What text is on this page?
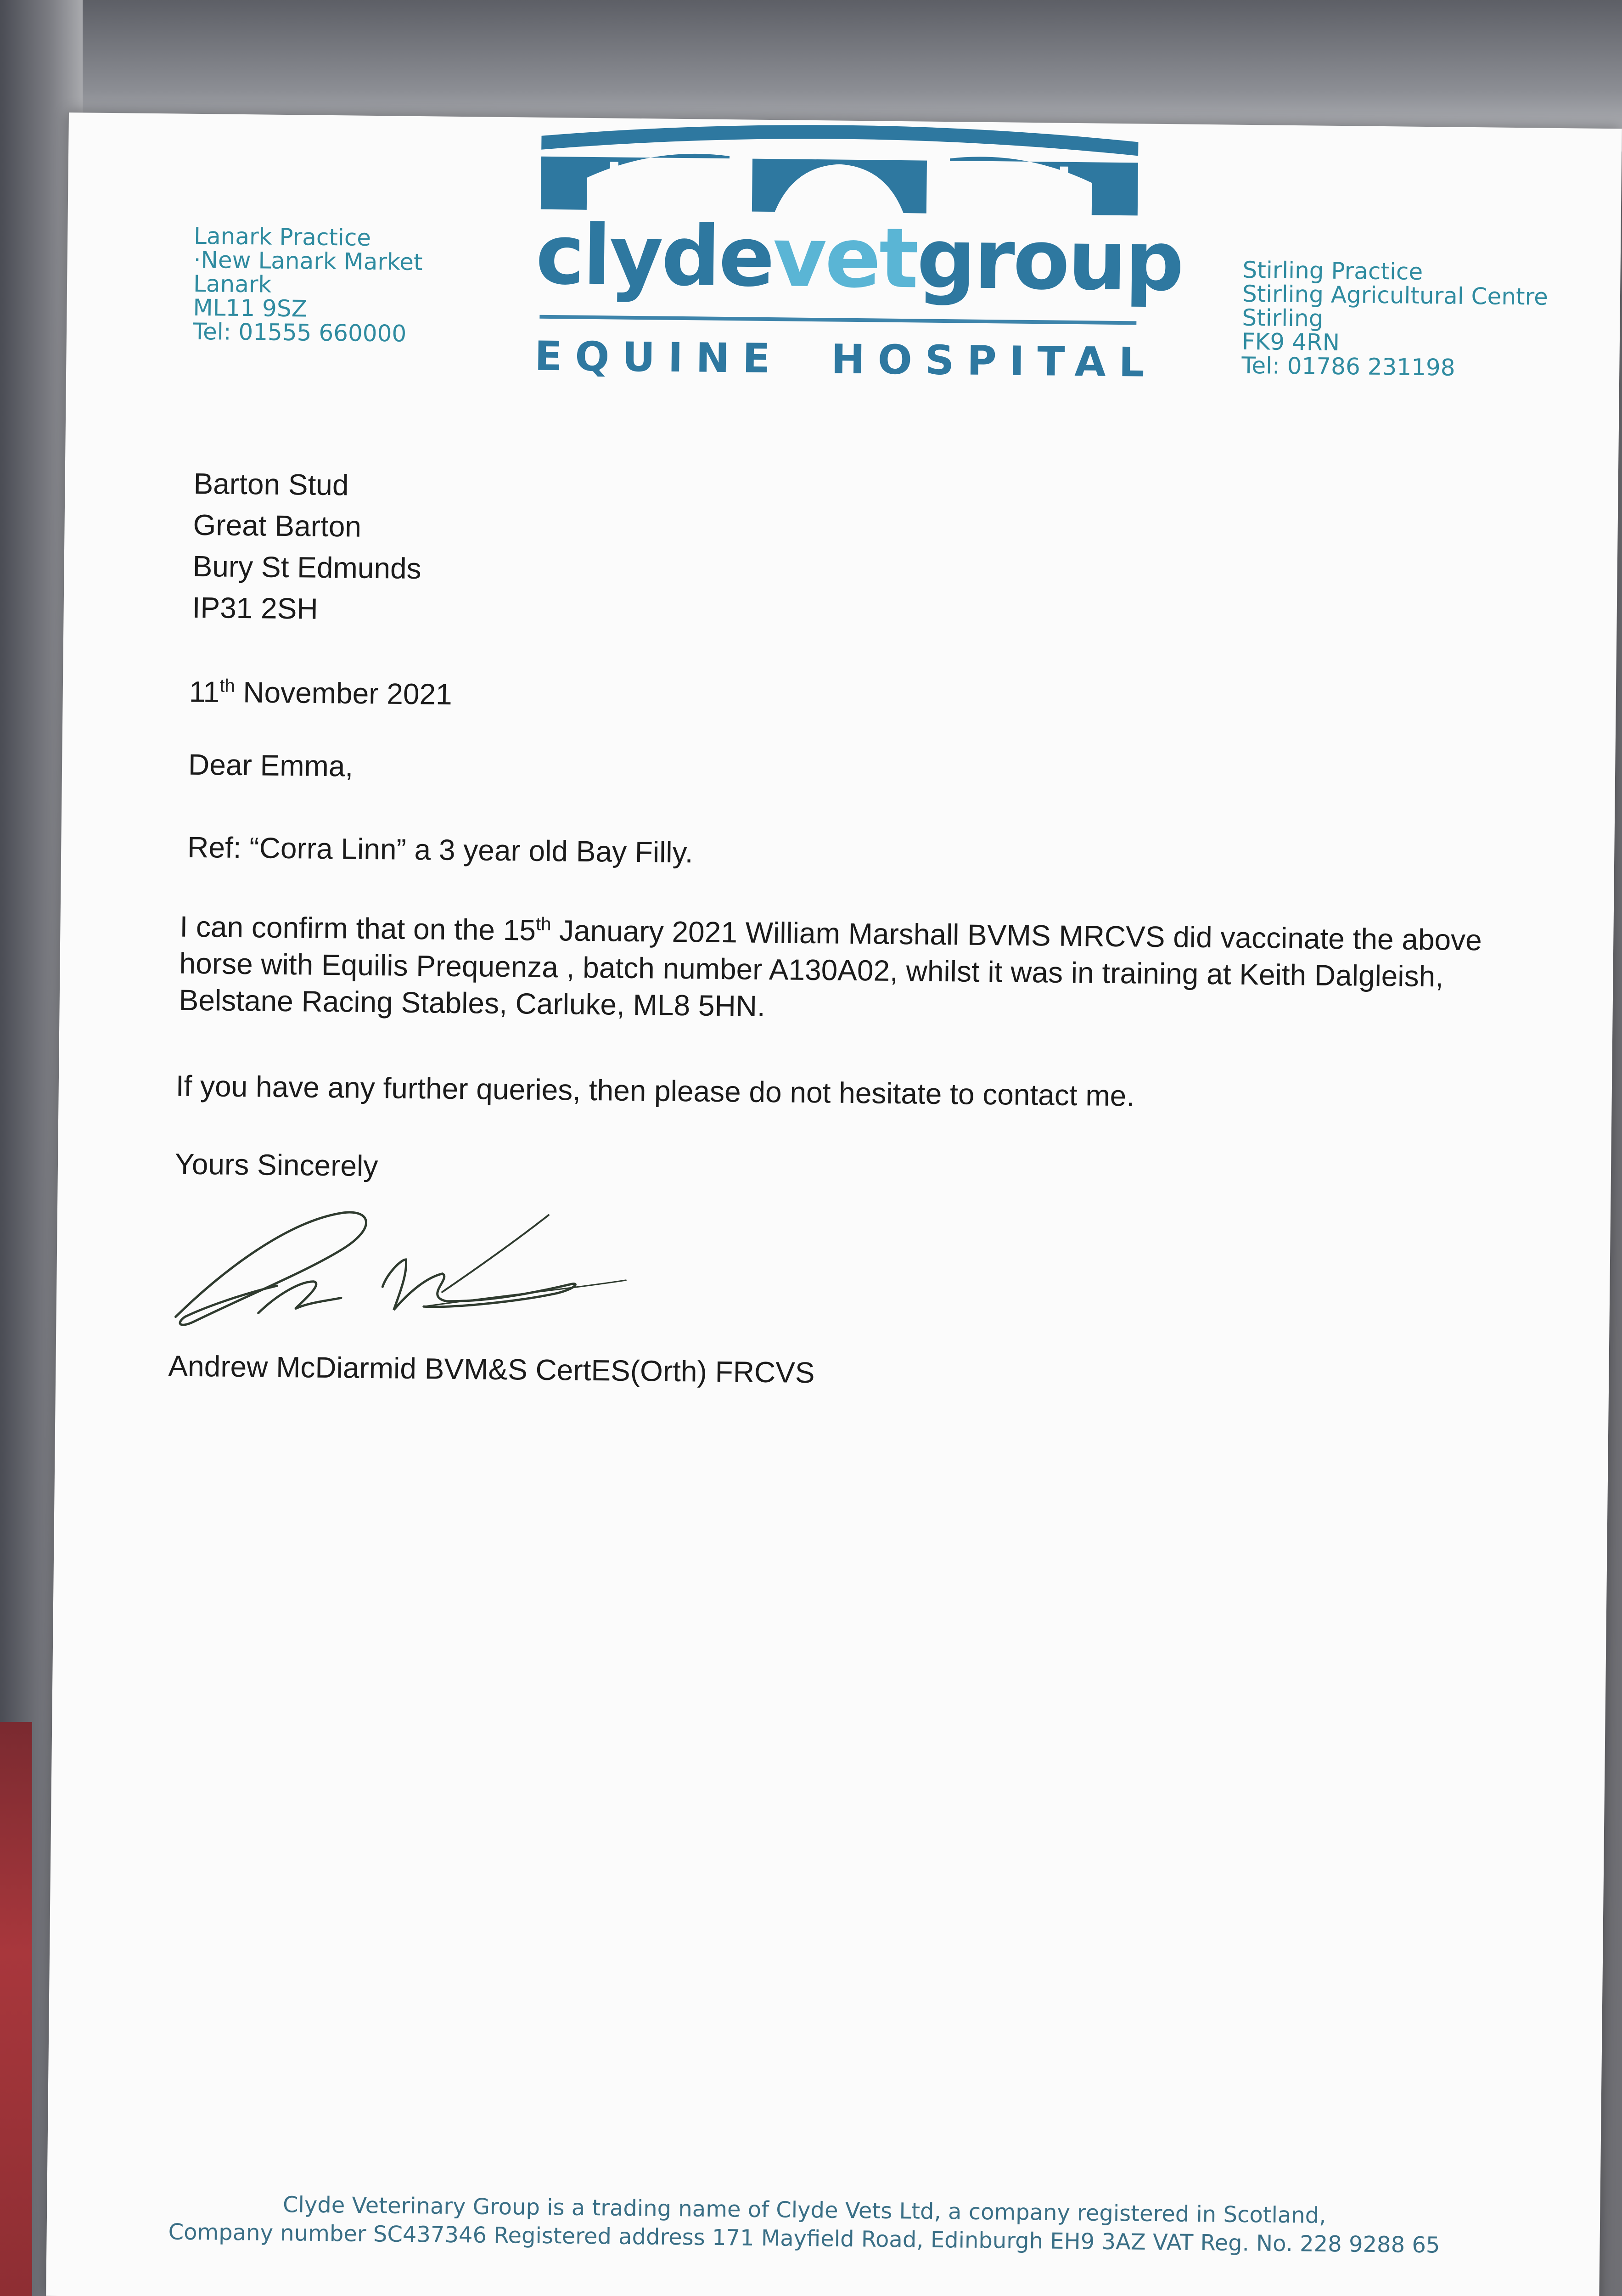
Lanark Practice
·New Lanark Market
Lanark
ML11 9SZ
Tel: 01555 660000
clydevetgroup
EQUINE HOSPITAL
Stirling Practice
Stirling Agricultural Centre
Stirling
FK9 4RN
Tel: 01786 231198
Barton Stud
Great Barton
Bury St Edmunds
IP31 2SH
11th November 2021
Dear Emma,
Ref: “Corra Linn” a 3 year old Bay Filly.
I can confirm that on the 15th January 2021 William Marshall BVMS MRCVS did vaccinate the above
horse with Equilis Prequenza , batch number A130A02, whilst it was in training at Keith Dalgleish,
Belstane Racing Stables, Carluke, ML8 5HN.
If you have any further queries, then please do not hesitate to contact me.
Yours Sincerely
Andrew McDiarmid BVM&S CertES(Orth) FRCVS
Clyde Veterinary Group is a trading name of Clyde Vets Ltd, a company registered in Scotland,
Company number SC437346 Registered address 171 Mayfield Road, Edinburgh EH9 3AZ VAT Reg. No. 228 9288 65
